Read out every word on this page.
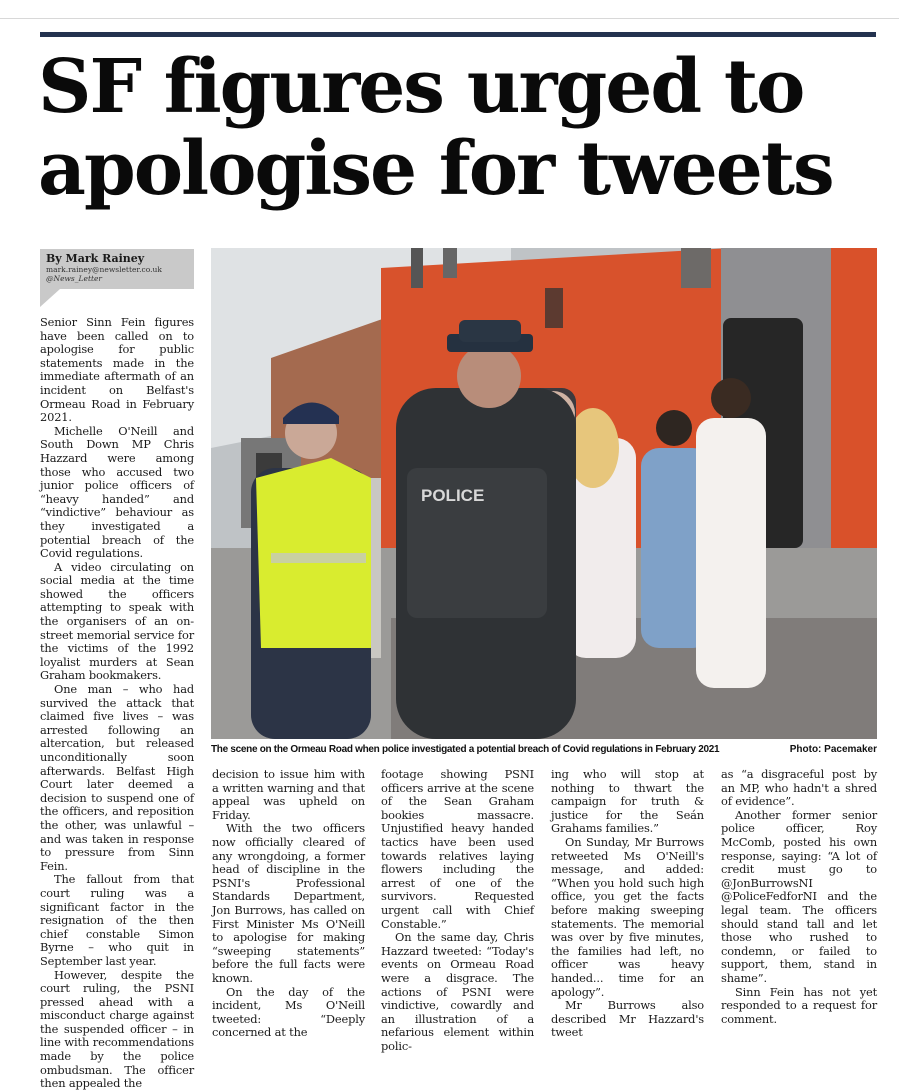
SF figures urged to
apologise for tweets
By Mark Rainey
mark.rainey@newsletter.co.uk
@News_Letter

Senior Sinn Fein figures have been called on to apologise for public statements made in the immediate aftermath of an incident on Belfast's Ormeau Road in February 2021.

Michelle O'Neill and South Down MP Chris Hazzard were among those who accused two junior police officers of “heavy handed” and “vindictive” behaviour as they investigated a potential breach of the Covid regulations.

A video circulating on social media at the time showed the officers attempting to speak with the organisers of an on-street memorial service for the victims of the 1992 loyalist murders at Sean Graham bookmakers.

One man – who had survived the attack that claimed five lives – was arrested following an altercation, but released unconditionally soon afterwards. Belfast High Court later deemed a decision to suspend one of the officers, and reposition the other, was unlawful – and was taken in response to pressure from Sinn Fein.

The fallout from that court ruling was a significant factor in the resignation of the then chief constable Simon Byrne – who quit in September last year.

However, despite the court ruling, the PSNI pressed ahead with a misconduct charge against the suspended officer – in line with recommendations made by the police ombudsman. The officer then appealed the

POLICE
The scene on the Ormeau Road when police investigated a potential breach of Covid regulations in February 2021	Photo: Pacemaker

decision to issue him with a written warning and that appeal was upheld on Friday.

With the two officers now officially cleared of any wrongdoing, a former head of discipline in the PSNI's Professional Standards Department, Jon Burrows, has called on First Minister Ms O'Neill to apologise for making “sweeping statements” before the full facts were known.

On the day of the incident, Ms O'Neill tweeted: “Deeply concerned at the

footage showing PSNI officers arrive at the scene of the Sean Graham bookies massacre. Unjustified heavy handed tactics have been used towards relatives laying flowers including the arrest of one of the survivors. Requested urgent call with Chief Constable.”

On the same day, Chris Hazzard tweeted: “Today's events on Ormeau Road were a disgrace. The actions of PSNI were vindictive, cowardly and an illustration of a nefarious element within polic-

ing who will stop at nothing to thwart the campaign for truth & justice for the Seán Grahams families.”

On Sunday, Mr Burrows retweeted Ms O'Neill's message, and added: “When you hold such high office, you get the facts before making sweeping statements. The memorial was over by five minutes, the families had left, no officer was heavy handed... time for an apology”.

Mr Burrows also described Mr Hazzard's tweet

as “a disgraceful post by an MP, who hadn't a shred of evidence”.

Another former senior police officer, Roy McComb, posted his own response, saying: “A lot of credit must go to @JonBurrowsNI @PoliceFedforNI and the legal team. The officers should stand tall and let those who rushed to condemn, or failed to support, them, stand in shame”.

Sinn Fein has not yet responded to a request for comment.
